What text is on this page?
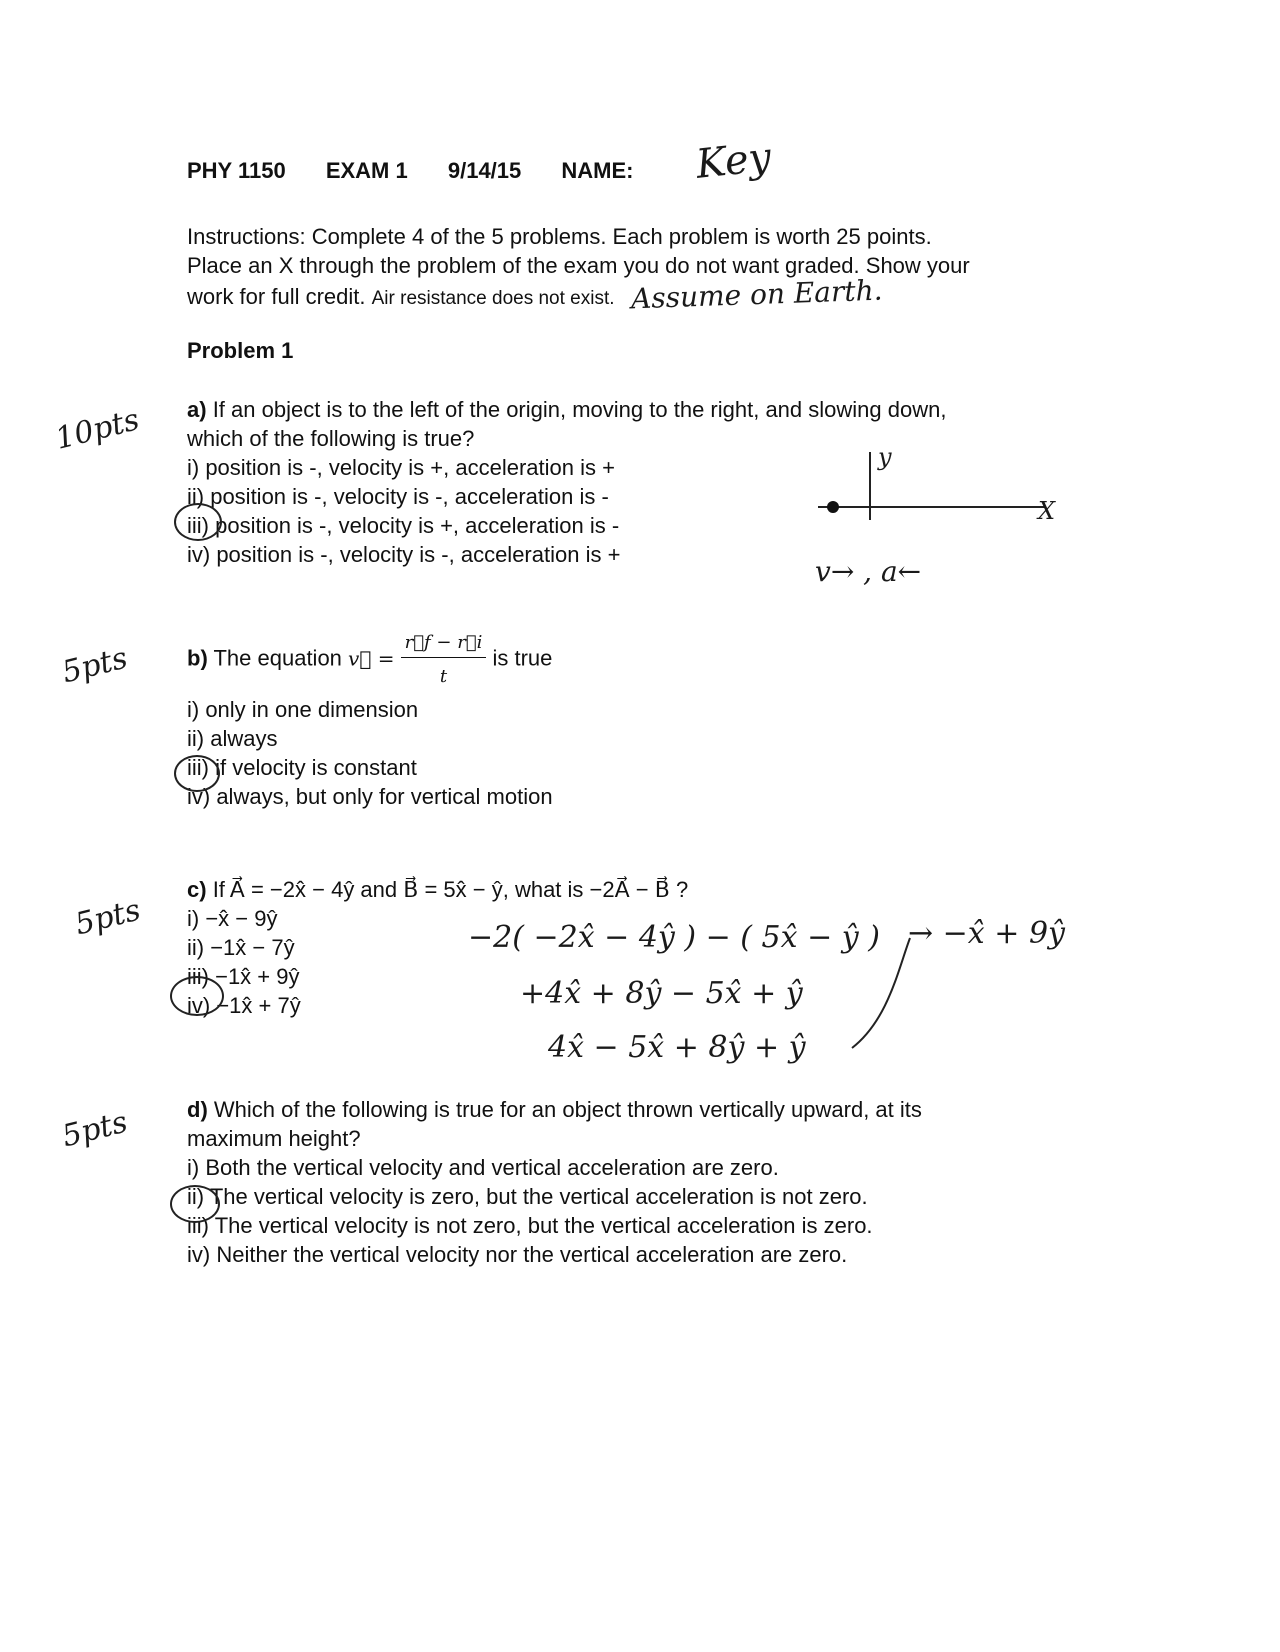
PHY 1150 EXAM 1 9/14/15 NAME: Key
Instructions: Complete 4 of the 5 problems. Each problem is worth 25 points.
Place an X through the problem of the exam you do not want graded. Show your
work for full credit. Air resistance does not exist. Assume on Earth.
Problem 1
10pts a) If an object is to the left of the origin, moving to the right, and slowing down,
which of the following is true?
i) position is -, velocity is +, acceleration is +
ii) position is -, velocity is -, acceleration is -
iii) position is -, velocity is +, acceleration is -
iv) position is -, velocity is -, acceleration is +
y
X
v→ , a←
5pts	b) The equation v⃗ = $\frac{r⃗f - r⃗i}{t}$ is true
i) only in one dimension
ii) always
iii) if velocity is constant
iv) always, but only for vertical motion
5pts
c) If A⃗ = −2x̂ − 4ŷ and B⃗ = 5x̂ − ŷ, what is −2A⃗ − B⃗ ?
i) −x̂ − 9ŷ
ii) −1x̂ − 7ŷ
iii) −1x̂ + 9ŷ
iv) −1x̂ + 7ŷ
−2( −2x̂ − 4ŷ ) − ( 5x̂ − ŷ )
+4x̂ + 8ŷ − 5x̂ + ŷ
4x̂ − 5x̂ + 8ŷ + ŷ
→ −x̂ + 9ŷ
5pts	d) Which of the following is true for an object thrown vertically upward, at its
maximum height?
i) Both the vertical velocity and vertical acceleration are zero.
ii) The vertical velocity is zero, but the vertical acceleration is not zero.
iii) The vertical velocity is not zero, but the vertical acceleration is zero.
iv) Neither the vertical velocity nor the vertical acceleration are zero.
